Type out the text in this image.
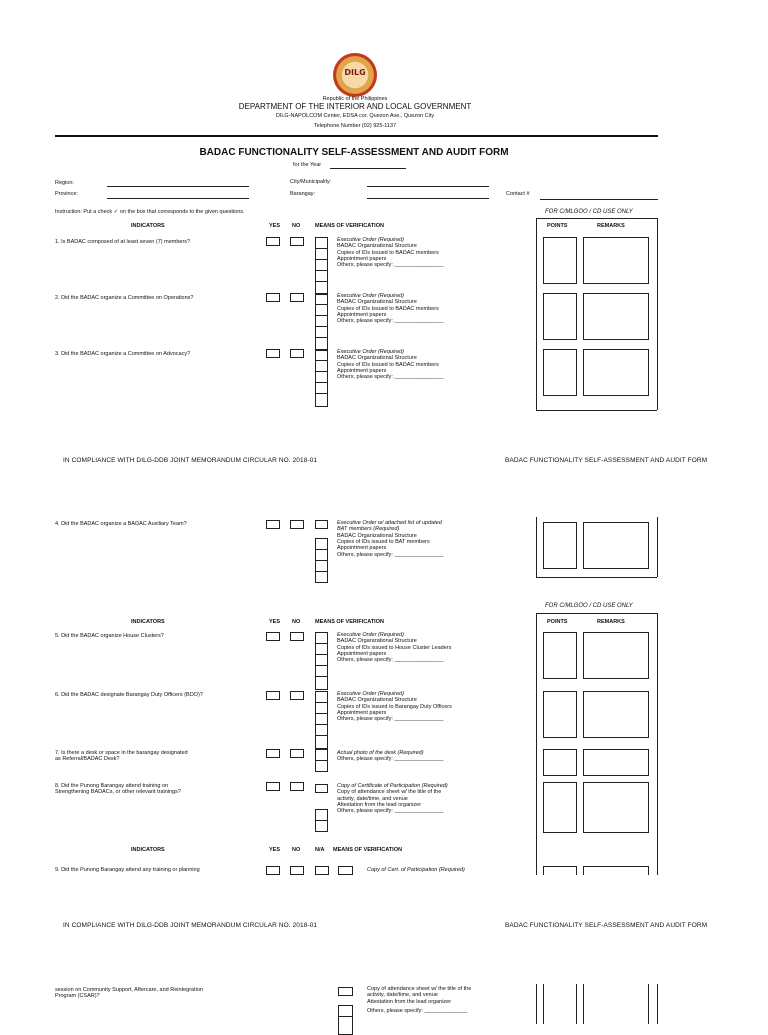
DILG
Republic of the Philippines
DEPARTMENT OF THE INTERIOR AND LOCAL GOVERNMENT
DILG-NAPOLCOM Center, EDSA cor. Quezon Ave., Quezon City
Telephone Number (02) 925-1137
BADAC FUNCTIONALITY SELF-ASSESSMENT AND AUDIT FORM
for the Year
Region:
Province:
City/Municipality:
Barangay:	Contact #
Instruction: Put a check ✓ on the box that corresponds to the given questions.	FOR C/MLGOO / CD USE ONLY
INDICATORS	YES NO	MEANS OF VERIFICATION	POINTS	REMARKS
1. Is BADAC composed of at least seven (7) members?	Executive Order (Required)
BADAC Organizational Structure
Copies of IDs Issued to BADAC members
Appointment papers
Others, please specify: ________________
2. Did the BADAC organize a Committee on Operations?	Executive Order (Required)
BADAC Organizational Structure
Copies of IDs Issued to BADAC members
Appointment papers
Others, please specify: ________________
3. Did the BADAC organize a Committee on Advocacy?	Executive Order (Required)
BADAC Organizational Structure
Copies of IDs Issued to BADAC members
Appointment papers
Others, please specify: ________________
IN COMPLIANCE WITH DILG-DDB JOINT MEMORANDUM CIRCULAR NO. 2018-01	BADAC FUNCTIONALITY SELF-ASSESSMENT AND AUDIT FORM
4. Did the BADAC organize a BADAC Auxiliary Team?	Executive Order w/ attached list of updated
BAT members (Required)
BADAC Organizational Structure
Copies of IDs issued to BAT members
Appointment papers
Others, please specify: ________________
FOR C/MLGOO / CD USE ONLY
INDICATORS	YES NO	MEANS OF VERIFICATION	POINTS	REMARKS
5. Did the BADAC organize House Clusters?	Executive Order (Required)
BADAC Organizational Structure
Copies of IDs issued to House Cluster Leaders
Appointment papers
Others, please specify: ________________
6. Did the BADAC designate Barangay Duty Officers (BDO)?	Executive Order (Required)
BADAC Organizational Structure
Copies of IDs issued to Barangay Duty Officers
Appointment papers
Others, please specify: ________________
7. Is there a desk or space in the barangay designated
as Referral/BADAC Desk?
Actual photo of the desk (Required)
Others, please specify: ________________
8. Did the Punong Barangay attend training on
Strengthening BADACs, or other relevant trainings?
Copy of Certificate of Participation (Required)
Copy of attendance sheet w/ the title of the
activity, date/time, and venue
Attestation from the lead organizer
Others, please specify: ________________
INDICATORS	YES NO	N/A MEANS OF VERIFICATION
9. Did the Punong Barangay attend any training or planning	Copy of Cert. of Participation (Required)
IN COMPLIANCE WITH DILG-DDB JOINT MEMORANDUM CIRCULAR NO. 2018-01	BADAC FUNCTIONALITY SELF-ASSESSMENT AND AUDIT FORM
session on Community Support, Aftercare, and Reintegration
Program (CSAR)?
Copy of attendance sheet w/ the title of the
activity, date/time, and venue
Attestation from the lead organizer
Others, please specify: ______________
